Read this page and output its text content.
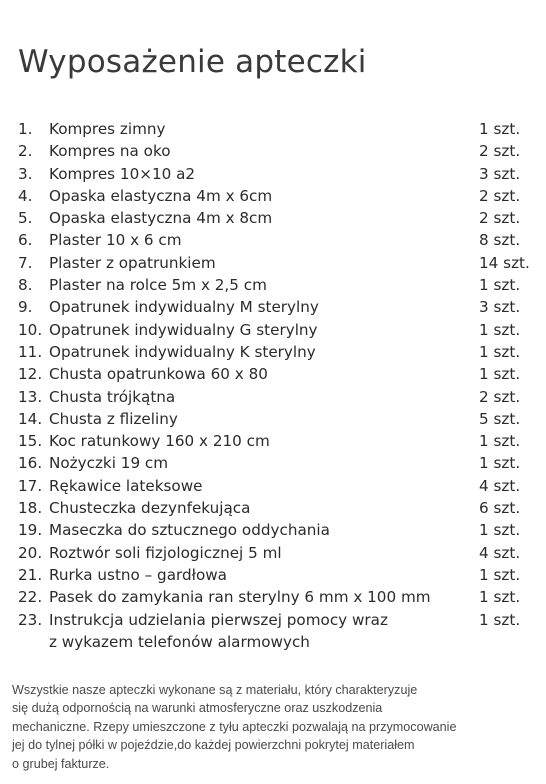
Wyposażenie apteczki
1. Kompres zimny	1 szt.
2. Kompres na oko	2 szt.
3. Kompres 10×10 a2	3 szt.
4. Opaska elastyczna 4m x 6cm	2 szt.
5. Opaska elastyczna 4m x 8cm	2 szt.
6. Plaster 10 x 6 cm	8 szt.
7. Plaster z opatrunkiem	14 szt.
8. Plaster na rolce 5m x 2,5 cm	1 szt.
9. Opatrunek indywidualny M sterylny	3 szt.
10. Opatrunek indywidualny G sterylny	1 szt.
11. Opatrunek indywidualny K sterylny	1 szt.
12. Chusta opatrunkowa 60 x 80	1 szt.
13. Chusta trójkątna	2 szt.
14. Chusta z flizeliny	5 szt.
15. Koc ratunkowy 160 x 210 cm	1 szt.
16. Nożyczki 19 cm	1 szt.
17. Rękawice lateksowe	4 szt.
18. Chusteczka dezynfekująca	6 szt.
19. Maseczka do sztucznego oddychania	1 szt.
20. Roztwór soli fizjologicznej 5 ml	4 szt.
21. Rurka ustno – gardłowa	1 szt.
22. Pasek do zamykania ran sterylny 6 mm x 100 mm	1 szt.
23. Instrukcja udzielania pierwszej pomocy wraz	1 szt.
z wykazem telefonów alarmowych
Wszystkie nasze apteczki wykonane są z materiału, który charakteryzuje
się dużą odpornością na warunki atmosferyczne oraz uszkodzenia
mechaniczne. Rzepy umieszczone z tyłu apteczki pozwalają na przymocowanie
jej do tylnej półki w pojeździe,do każdej powierzchni pokrytej materiałem
o grubej fakturze.
